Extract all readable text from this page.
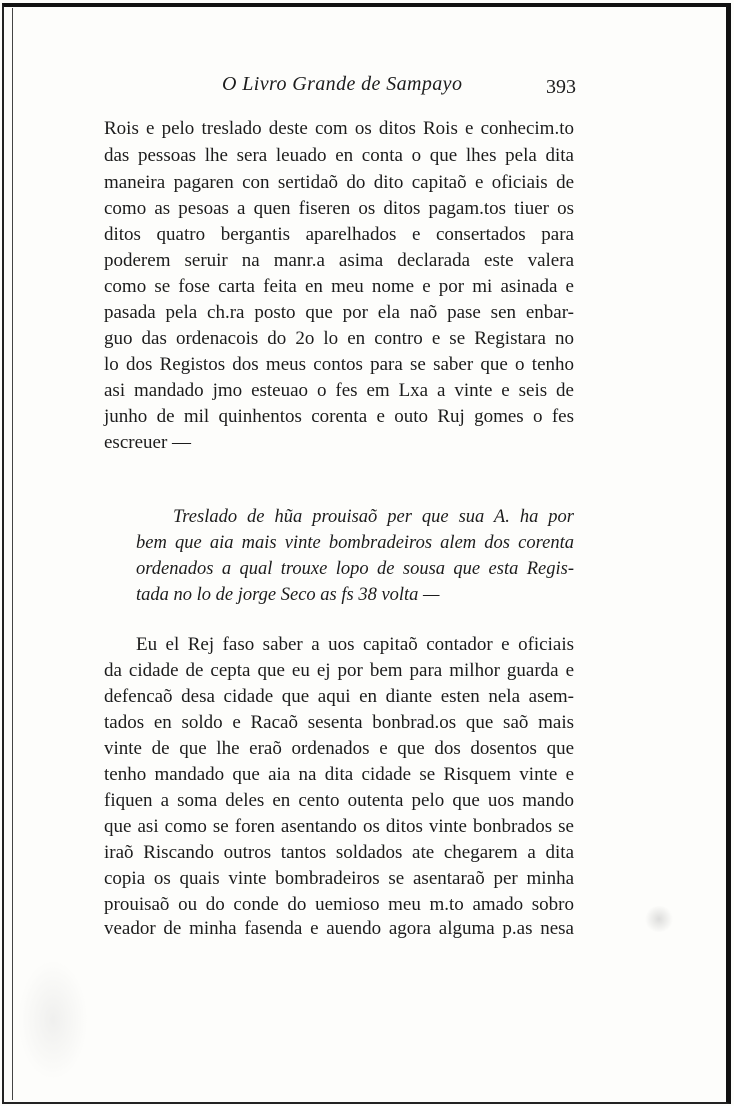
O Livro Grande de Sampayo	393
Rois e pelo treslado deste com os ditos Rois e conhecim.to
das pessoas lhe sera leuado en conta o que lhes pela dita
maneira pagaren con sertidaõ do dito capitaõ e oficiais de
como as pesoas a quen fiseren os ditos pagam.tos tiuer os
ditos quatro bergantis aparelhados e consertados para
poderem seruir na manr.a asima declarada este valera
como se fose carta feita en meu nome e por mi asinada e
pasada pela ch.ra posto que por ela naõ pase sen enbar-
guo das ordenacois do 2o lo en contro e se Registara no
lo dos Registos dos meus contos para se saber que o tenho
asi mandado jmo esteuao o fes em Lxa a vinte e seis de
junho de mil quinhentos corenta e outo Ruj gomes o fes
escreuer —
Treslado de hũa prouisaõ per que sua A. ha por
bem que aia mais vinte bombradeiros alem dos corenta
ordenados a qual trouxe lopo de sousa que esta Regis-
tada no lo de jorge Seco as fs 38 volta —
Eu el Rej faso saber a uos capitaõ contador e oficiais
da cidade de cepta que eu ej por bem para milhor guarda e
defencaõ desa cidade que aqui en diante esten nela asem-
tados en soldo e Racaõ sesenta bonbrad.os que saõ mais
vinte de que lhe eraõ ordenados e que dos dosentos que
tenho mandado que aia na dita cidade se Risquem vinte e
fiquen a soma deles en cento outenta pelo que uos mando
que asi como se foren asentando os ditos vinte bonbrados se
iraõ Riscando outros tantos soldados ate chegarem a dita
copia os quais vinte bombradeiros se asentaraõ per minha
prouisaõ ou do conde do uemioso meu m.to amado sobro
veador de minha fasenda e auendo agora alguma p.as nesa
